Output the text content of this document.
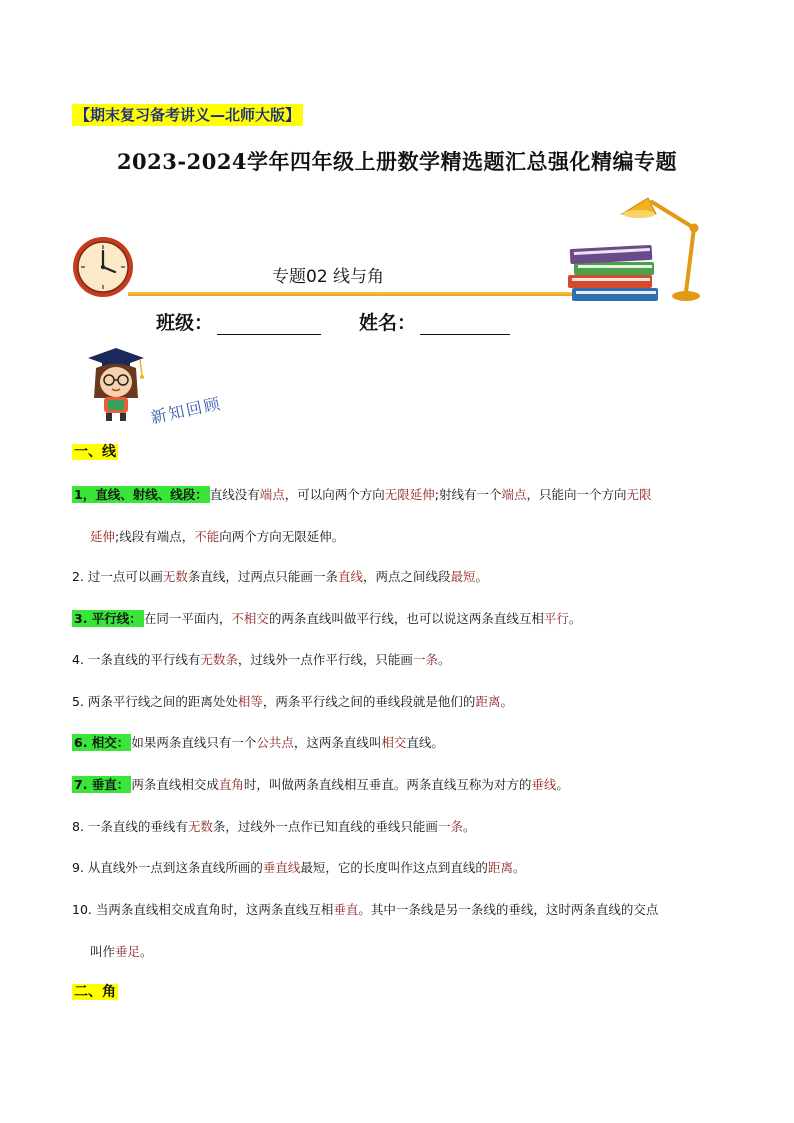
【期末复习备考讲义—北师大版】
2023-2024学年四年级上册数学精选题汇总强化精编专题
专题02 线与角
班级：	姓名：
新知回顾
一、线
1，直线、射线、线段： 直线没有端点，可以向两个方向无限延伸;射线有一个端点，只能向一个方向无限
延伸;线段有端点，不能向两个方向无限延伸。
2. 过一点可以画无数条直线，过两点只能画一条直线，两点之间线段最短。
3. 平行线： 在同一平面内，不相交的两条直线叫做平行线，也可以说这两条直线互相平行。
4. 一条直线的平行线有无数条，过线外一点作平行线，只能画一条。
5. 两条平行线之间的距离处处相等，两条平行线之间的垂线段就是他们的距离。
6. 相交： 如果两条直线只有一个公共点，这两条直线叫相交直线。
7. 垂直： 两条直线相交成直角时，叫做两条直线相互垂直。两条直线互称为对方的垂线。
8. 一条直线的垂线有无数条，过线外一点作已知直线的垂线只能画一条。
9. 从直线外一点到这条直线所画的垂直线最短，它的长度叫作这点到直线的距离。
10. 当两条直线相交成直角时，这两条直线互相垂直。其中一条线是另一条线的垂线，这时两条直线的交点
叫作垂足。
二、角
